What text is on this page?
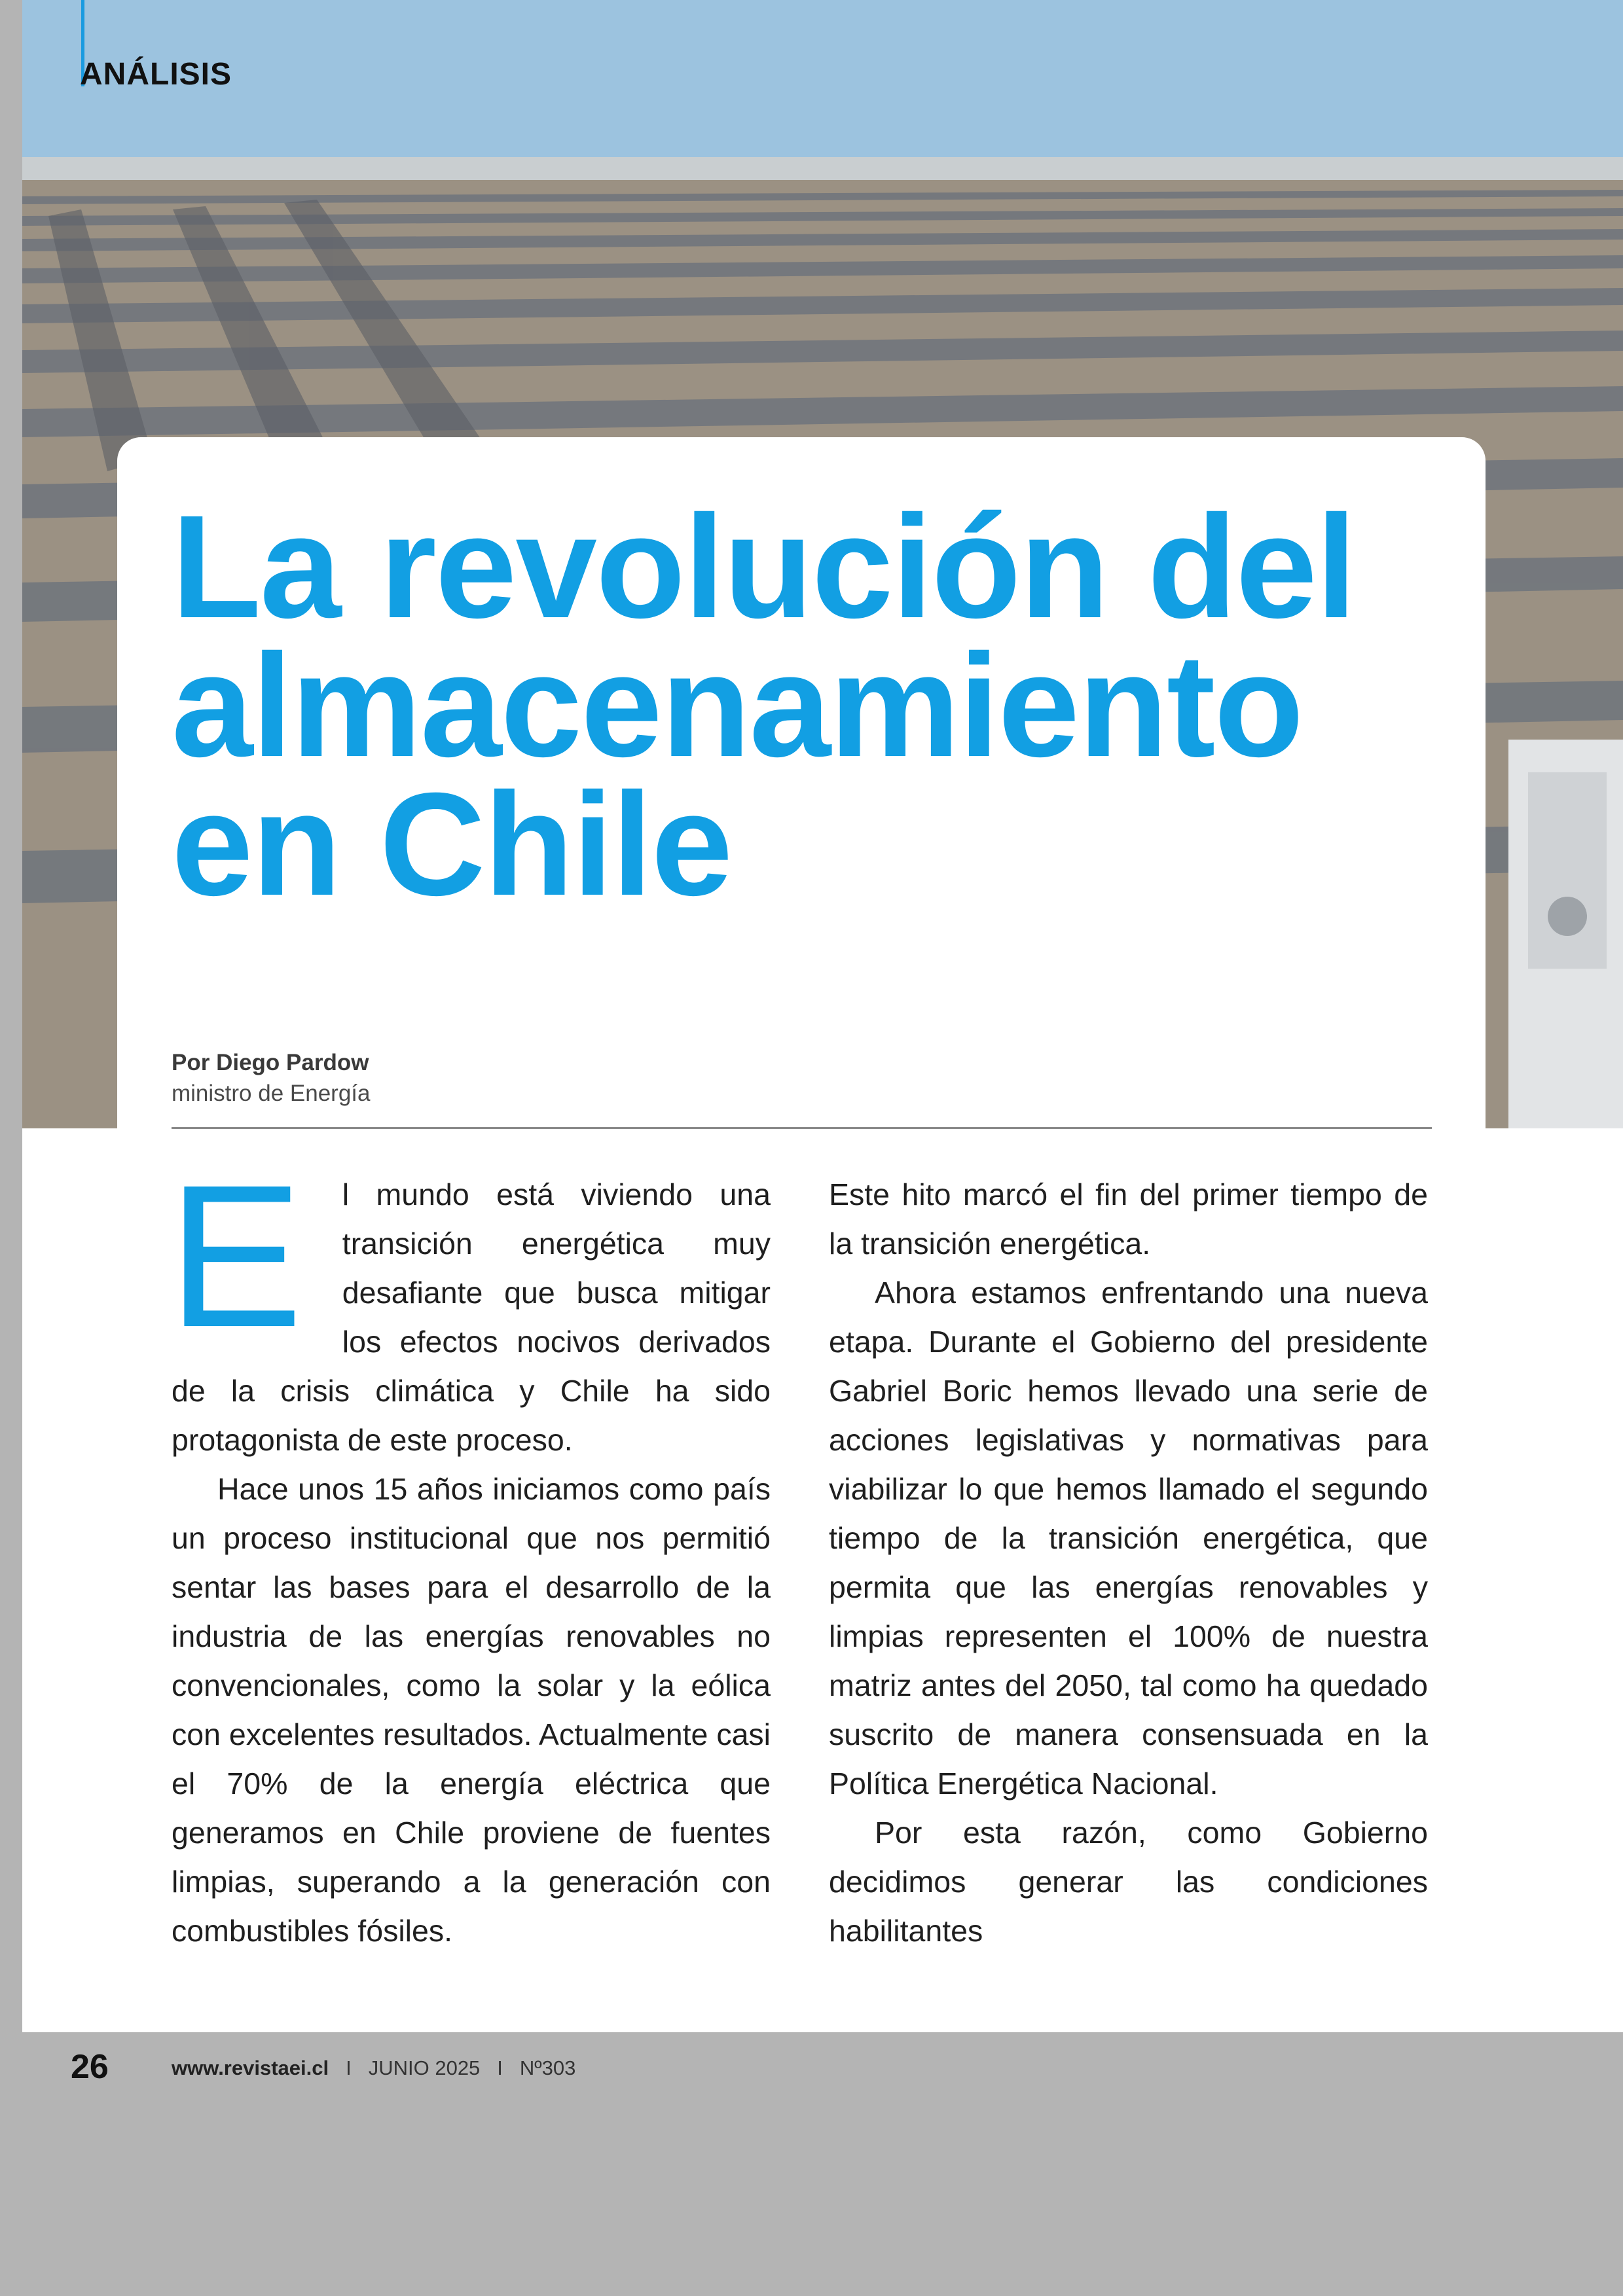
ANÁLISIS
La revolución del almacenamiento en Chile
Por Diego Pardow
ministro de Energía

E l mundo está viviendo una transición energética muy desafiante que busca mitigar los efectos nocivos derivados de la crisis climática y Chile ha sido protagonista de este proceso.

Hace unos 15 años iniciamos como país un proceso institucional que nos permitió sentar las bases para el desarrollo de la industria de las energías renovables no convencionales, como la solar y la eólica con excelentes resultados. Actualmente casi el 70% de la energía eléctrica que generamos en Chile proviene de fuentes limpias, superando a la generación con combustibles fósiles.

Este hito marcó el fin del primer tiempo de la transición energética.

Ahora estamos enfrentando una nueva etapa. Durante el Gobierno del presidente Gabriel Boric hemos llevado una serie de acciones legislativas y normativas para viabilizar lo que hemos llamado el segundo tiempo de la transición energética, que permita que las energías renovables y limpias representen el 100% de nuestra matriz antes del 2050, tal como ha quedado suscrito de manera consensuada en la Política Energética Nacional.

Por esta razón, como Gobierno decidimos generar las condiciones habilitantes

26	www.revistaei.cl I JUNIO 2025 I Nº303
